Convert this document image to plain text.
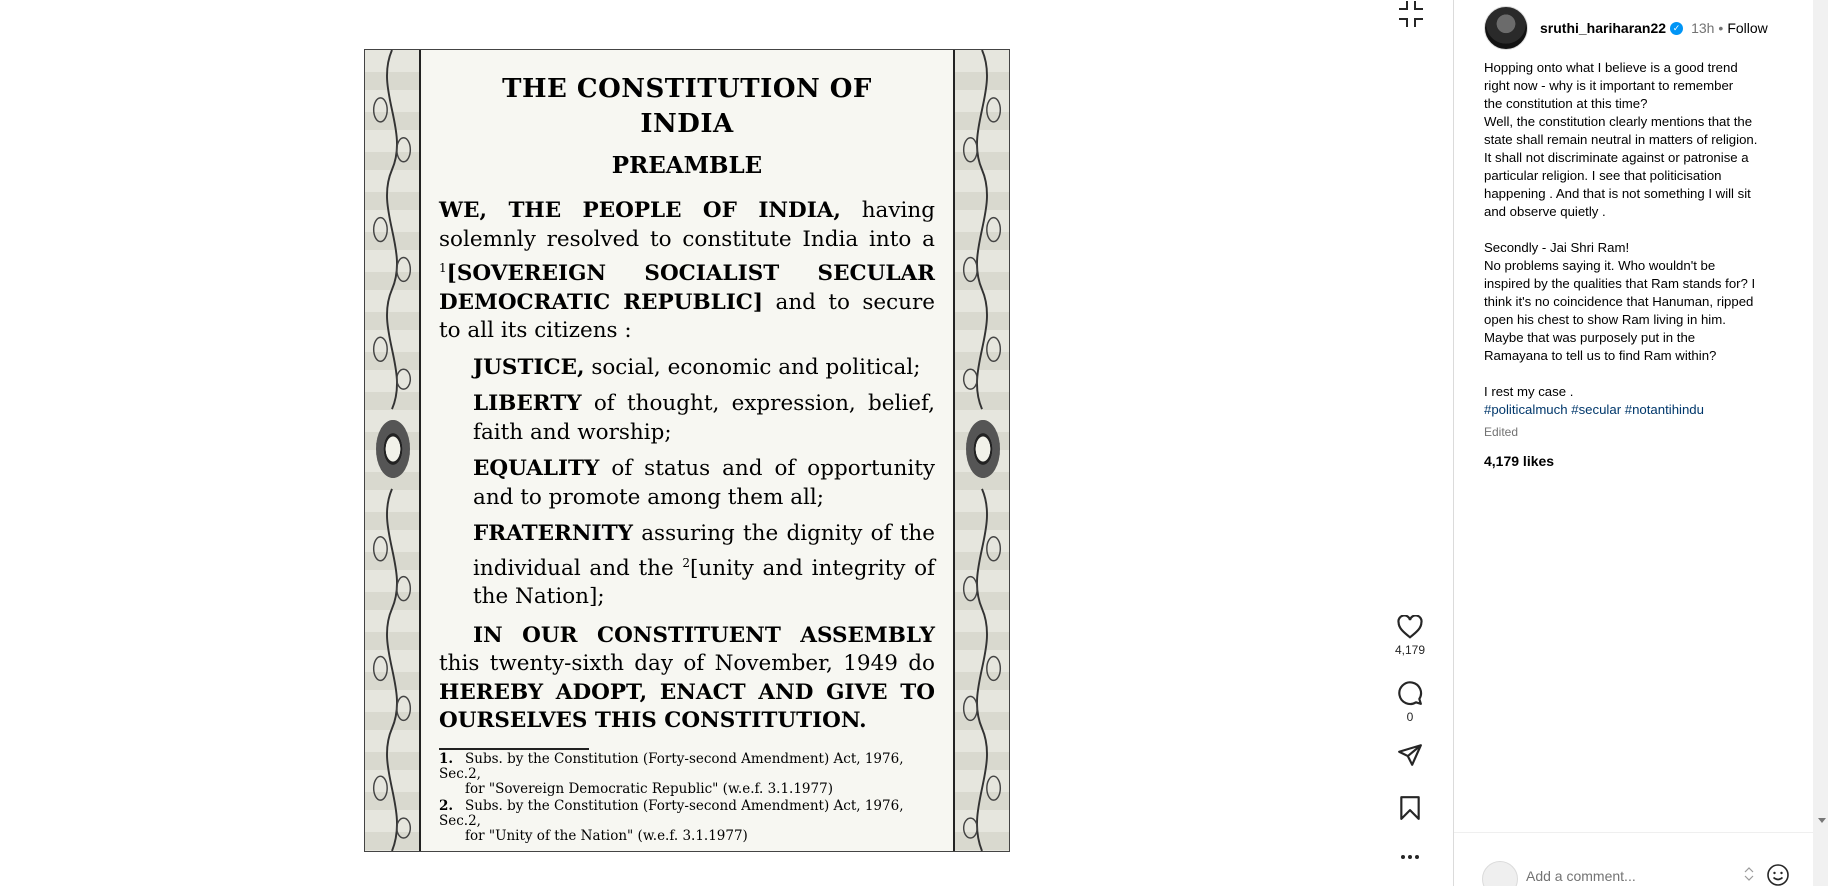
THE CONSTITUTION OF
INDIA
PREAMBLE
WE, THE PEOPLE OF INDIA, having solemnly resolved to constitute India into a $^1$[SOVEREIGN SOCIALIST SECULAR DEMOCRATIC REPUBLIC] and to secure to all its citizens :
JUSTICE, social, economic and political;
LIBERTY of thought, expression, belief, faith and worship;
EQUALITY of status and of opportunity and to promote among them all;
FRATERNITY assuring the dignity of the individual and the $^2$[unity and integrity of the Nation];
IN OUR CONSTITUENT ASSEMBLY this twenty-sixth day of November, 1949 do HEREBY ADOPT, ENACT AND GIVE TO OURSELVES THIS CONSTITUTION.
1. Subs. by the Constitution (Forty-second Amendment) Act, 1976, Sec.2,
for "Sovereign Democratic Republic" (w.e.f. 3.1.1977)
2. Subs. by the Constitution (Forty-second Amendment) Act, 1976, Sec.2,
for "Unity of the Nation" (w.e.f. 3.1.1977)
4,179
0
sruthi_hariharan22 ✓ 13h • Follow
Hopping onto what I believe is a good trend
right now - why is it important to remember
the constitution at this time?
Well, the constitution clearly mentions that the
state shall remain neutral in matters of religion.
It shall not discriminate against or patronise a
particular religion. I see that politicisation
happening . And that is not something I will sit
and observe quietly .
Secondly - Jai Shri Ram!
No problems saying it. Who wouldn't be
inspired by the qualities that Ram stands for? I
think it's no coincidence that Hanuman, ripped
open his chest to show Ram living in him.
Maybe that was purposely put in the
Ramayana to tell us to find Ram within?
I rest my case .
#politicalmuch #secular #notantihindu
Edited
4,179 likes
Add a comment...
